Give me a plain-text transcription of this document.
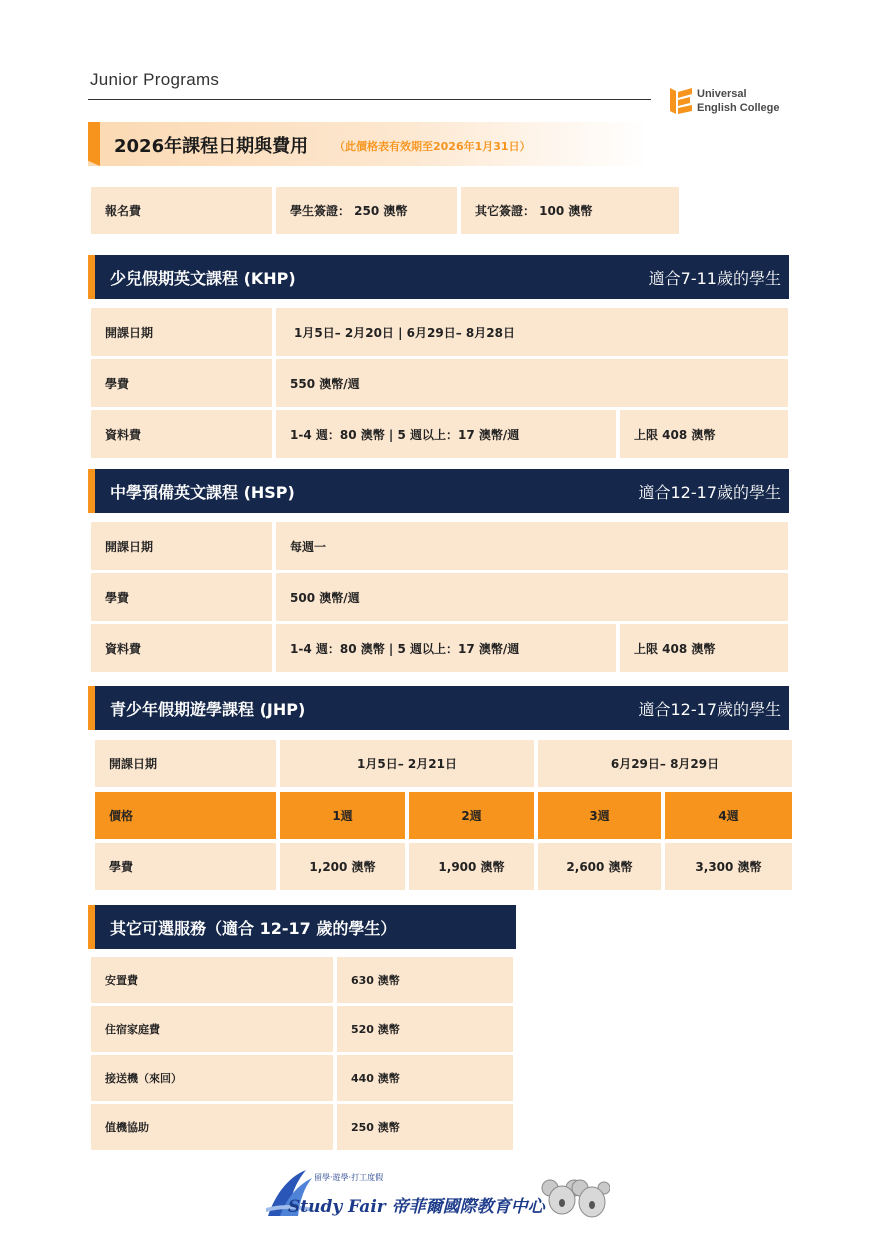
Junior Programs
Universal
English College
2026年課程日期與費用 （此價格表有效期至2026年1月31日）
報名費	學生簽證： 250 澳幣	其它簽證： 100 澳幣
少兒假期英文課程 (KHP)	適合7-11歲的學生
開課日期	1月5日– 2月20日 | 6月29日– 8月28日
學費	550 澳幣/週
資料費	1-4 週：80 澳幣 | 5 週以上：17 澳幣/週	上限 408 澳幣
中學預備英文課程 (HSP)	適合12-17歲的學生
開課日期	每週一
學費	500 澳幣/週
資料費	1-4 週：80 澳幣 | 5 週以上：17 澳幣/週	上限 408 澳幣
青少年假期遊學課程 (JHP)	適合12-17歲的學生
開課日期	1月5日– 2月21日	6月29日– 8月29日
價格	1週	2週	3週	4週
學費	1,200 澳幣	1,900 澳幣	2,600 澳幣	3,300 澳幣
其它可選服務（適合 12-17 歲的學生）
安置費	630 澳幣
住宿家庭費	520 澳幣
接送機（來回）	440 澳幣
值機協助	250 澳幣
留學·遊學·打工度假
Study Fair 帝菲爾國際教育中心
